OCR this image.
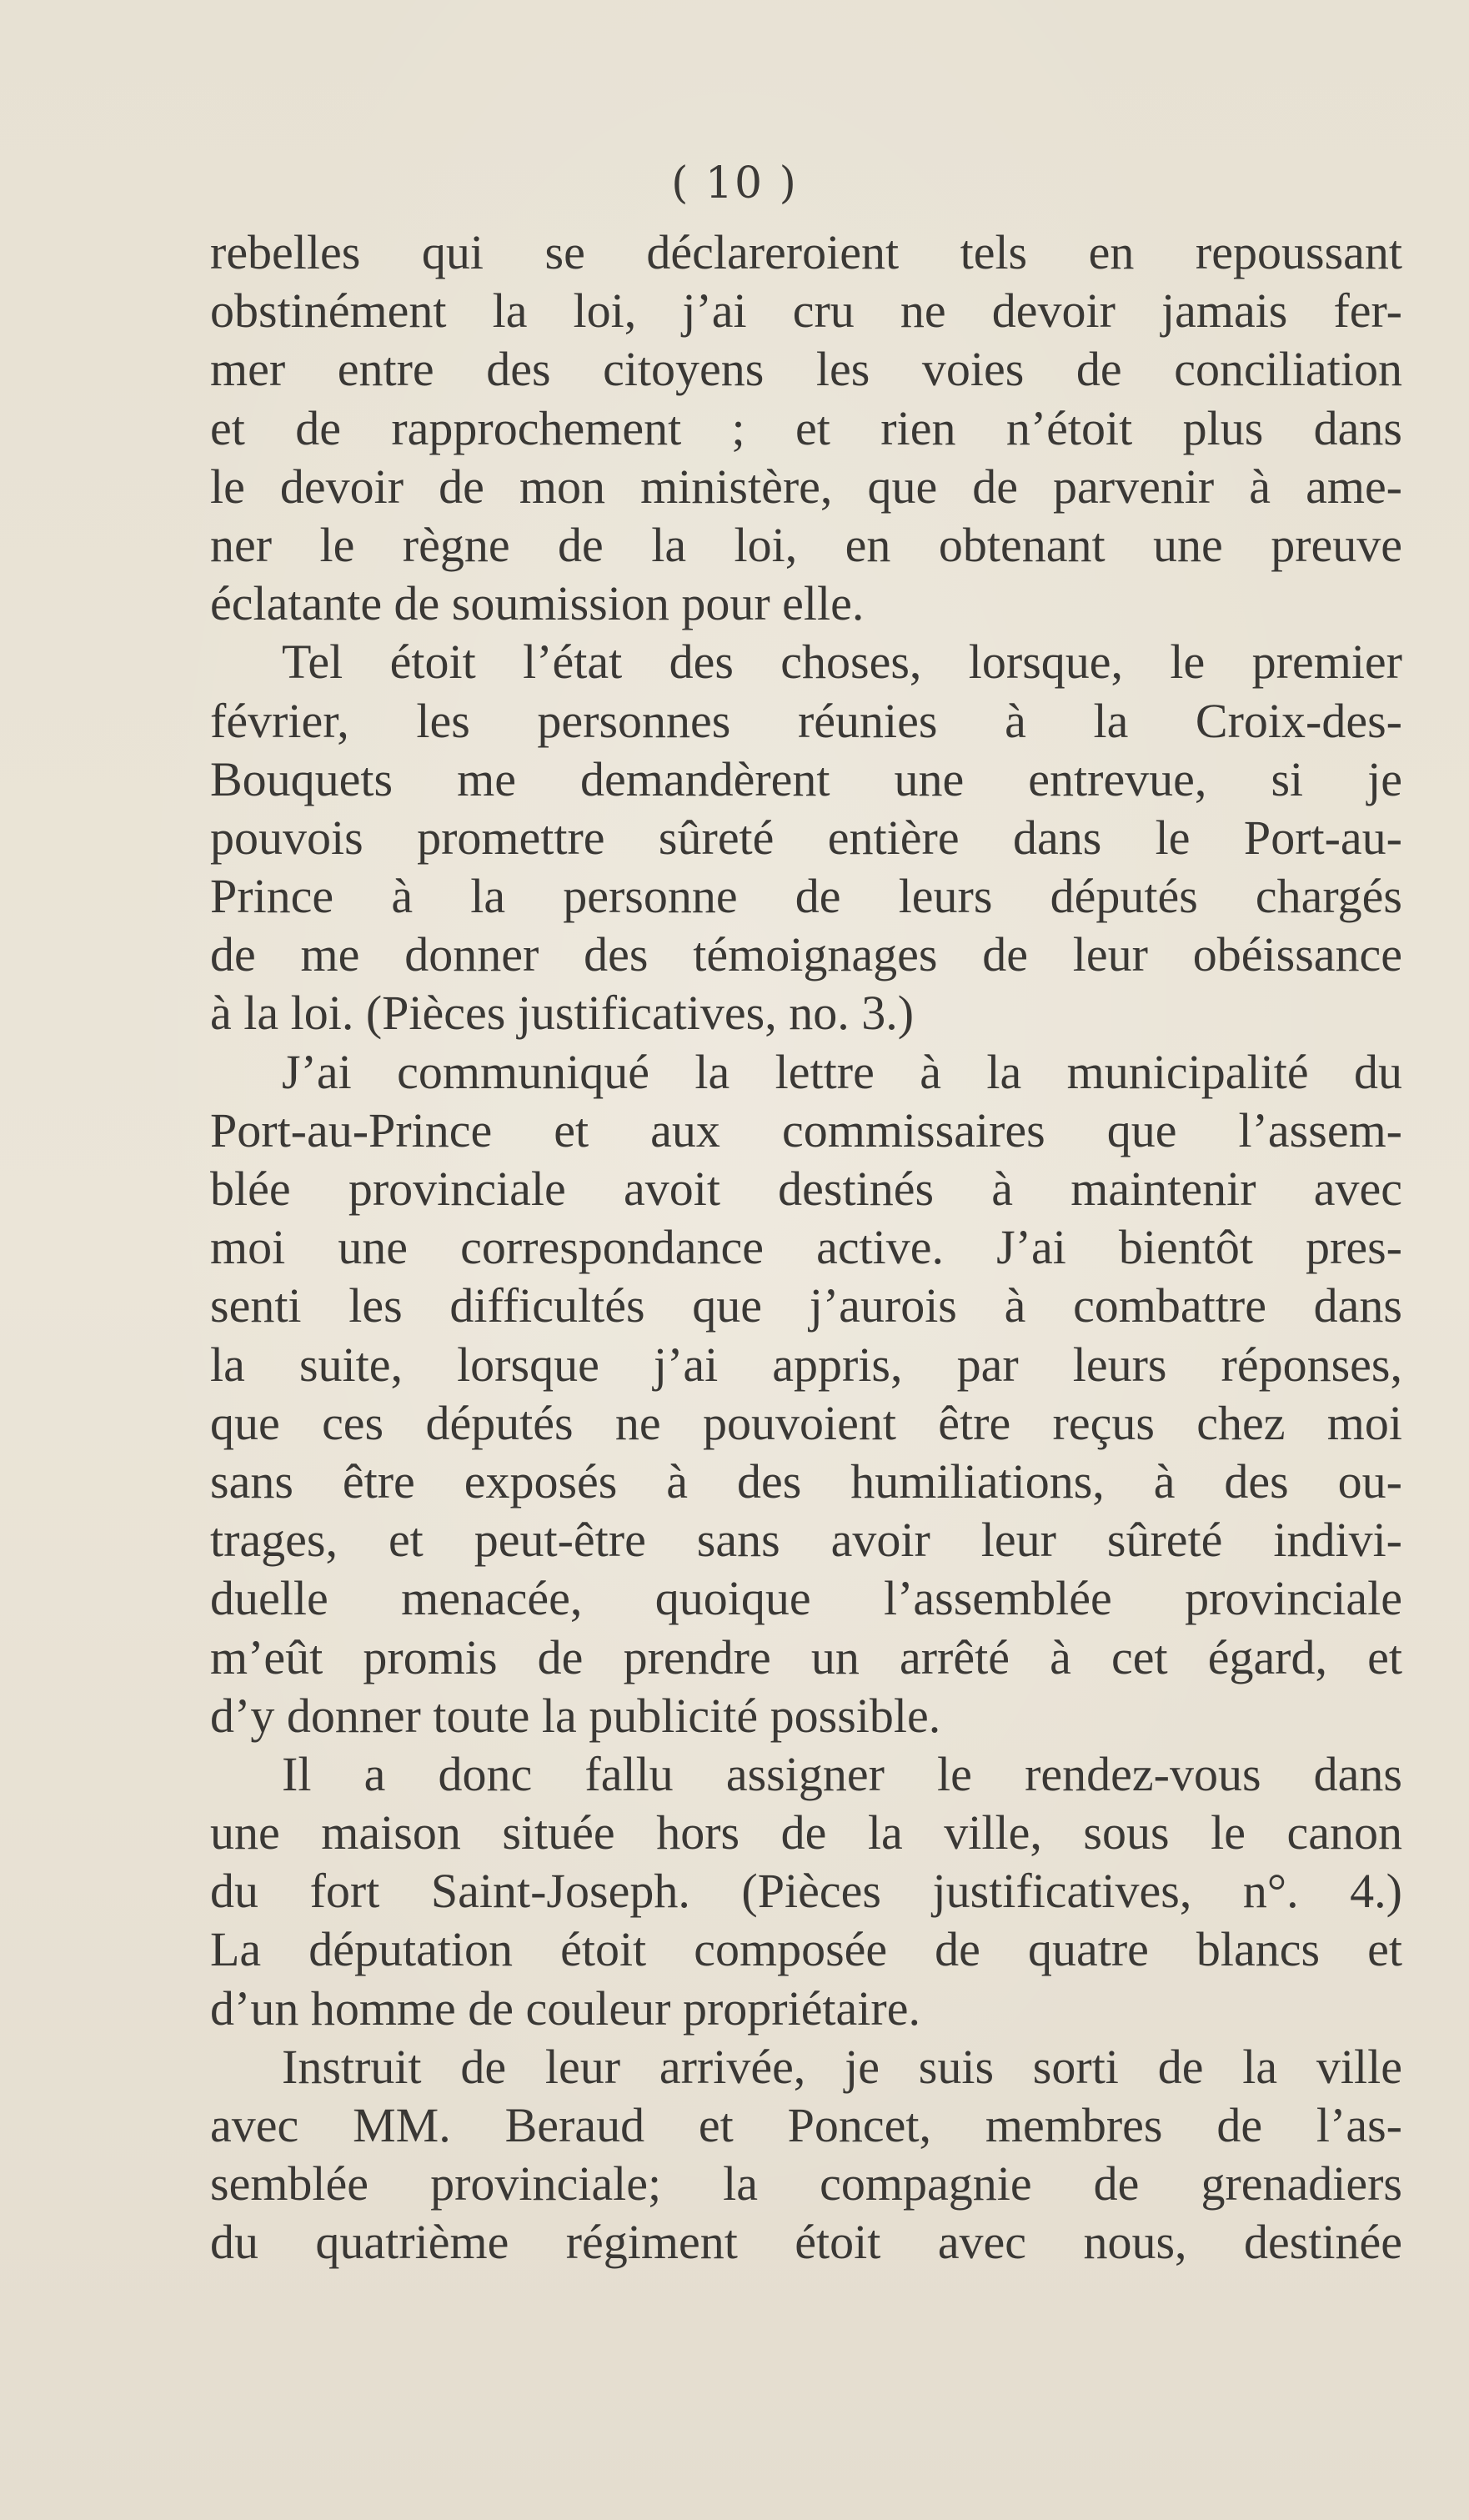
( 10 )
rebelles qui se déclareroient tels en repoussant
obstinément la loi, j’ai cru ne devoir jamais fer-
mer entre des citoyens les voies de conciliation
et de rapprochement ; et rien n’étoit plus dans
le devoir de mon ministère, que de parvenir à ame-
ner le règne de la loi, en obtenant une preuve
éclatante de soumission pour elle.
Tel étoit l’état des choses, lorsque, le premier
février, les personnes réunies à la Croix-des-
Bouquets me demandèrent une entrevue, si je
pouvois promettre sûreté entière dans le Port-au-
Prince à la personne de leurs députés chargés
de me donner des témoignages de leur obéissance
à la loi. (Pièces justificatives, no. 3.)
J’ai communiqué la lettre à la municipalité du
Port-au-Prince et aux commissaires que l’assem-
blée provinciale avoit destinés à maintenir avec
moi une correspondance active. J’ai bientôt pres-
senti les difficultés que j’aurois à combattre dans
la suite, lorsque j’ai appris, par leurs réponses,
que ces députés ne pouvoient être reçus chez moi
sans être exposés à des humiliations, à des ou-
trages, et peut-être sans avoir leur sûreté indivi-
duelle menacée, quoique l’assemblée provinciale
m’eût promis de prendre un arrêté à cet égard, et
d’y donner toute la publicité possible.
Il a donc fallu assigner le rendez-vous dans
une maison située hors de la ville, sous le canon
du fort Saint-Joseph. (Pièces justificatives, n°. 4.)
La députation étoit composée de quatre blancs et
d’un homme de couleur propriétaire.
Instruit de leur arrivée, je suis sorti de la ville
avec MM. Beraud et Poncet, membres de l’as-
semblée provinciale; la compagnie de grenadiers
du quatrième régiment étoit avec nous, destinée
